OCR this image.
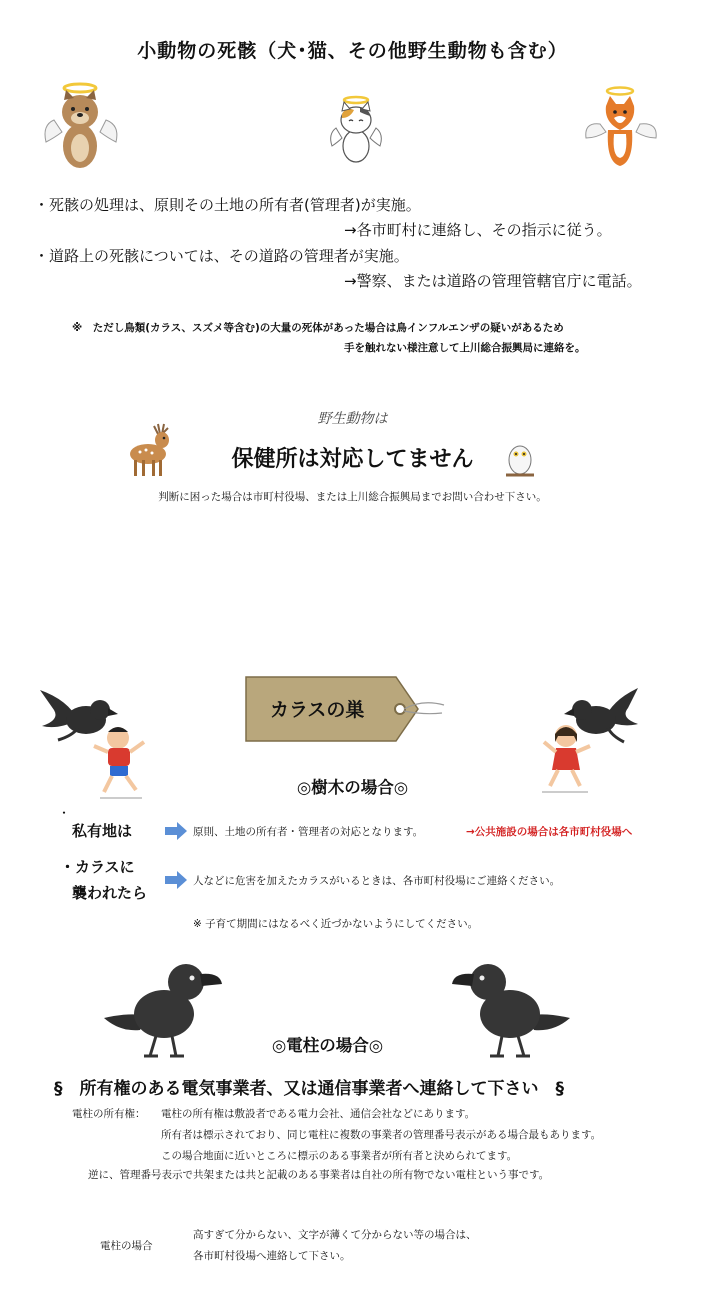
小動物の死骸（犬･猫、その他野生動物も含む）
・死骸の処理は、原則その土地の所有者(管理者)が実施。
→各市町村に連絡し、その指示に従う。
・道路上の死骸については、その道路の管理者が実施。
→警察、または道路の管理管轄官庁に電話。
※　ただし鳥類(カラス、スズメ等含む)の大量の死体があった場合は鳥インフルエンザの疑いがあるため
手を触れない様注意して上川総合振興局に連絡を。
野生動物は
保健所は対応してません
判断に困った場合は市町村役場、または上川総合振興局までお問い合わせ下さい。
カラスの巣
◎樹木の場合◎
・
私有地は	原則、土地の所有者・管理者の対応となります。	→公共施設の場合は各市町村役場へ
・カラスに
襲われたら
人などに危害を加えたカラスがいるときは、各市町村役場にご連絡ください。
※ 子育て期間にはなるべく近づかないようにしてください。
◎電柱の場合◎
§　所有権のある電気事業者、又は通信事業者へ連絡して下さい　§
電柱の所有権： 電柱の所有権は敷設者である電力会社、通信会社などにあります。
所有者は標示されており、同じ電柱に複数の事業者の管理番号表示がある場合最もあります。
この場合地面に近いところに標示のある事業者が所有者と決められてます。
逆に、管理番号表示で共架または共と記載のある事業者は自社の所有物でない電柱という事です。
電柱の場合
高すぎて分からない、文字が薄くて分からない等の場合は、
各市町村役場へ連絡して下さい。
